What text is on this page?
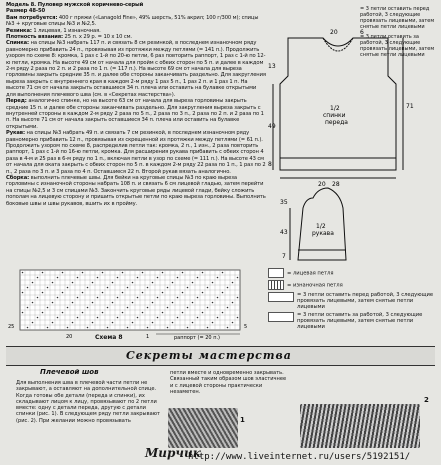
Модель 8. Пуловер мужской коричнево-серый

Размер 48-50

Вам потребуется: 400 г пряжи («Lanagold Fine», 49% шерсть, 51% акрил; 100 г/300 м); спицы №3 + круговые спицы №3 и №2,5.

Резинка: 1 лицевая, 1 изнаночная.

Плотность вязания: 25 п. x 29 р. = 10 x 10 см.

Спинка: на спицы №3 набрать 117 п. и связать 8 см резинкой, в последнем изнаночном ряду равномерно прибавить 24 п., провязывая из протяжки между петлями (= 141 п.). Продолжить узором по схеме 8: кромка, 1 раз с 1-й по 20-ю петли, 6 раз повторить раппорт, 1 раз с 1-й по 12-ю петли, кромка. На высоте 49 см от начала для пройм с обеих сторон по 5 п. и далее в каждом 2-м ряду 2 раза по 2 п. и 2 раза по 1 п. (= 117 п.). На высоте 69 см от начала для выреза горловины закрыть средние 35 п. и далее обе стороны заканчивать раздельно. Для закругления выреза закрыть с внутреннего края в каждом 2-м ряду 1 раз 5 п., 1 раз 2 п. и 1 раз 1 п. На высоте 71 см от начала закрыть оставшиеся 34 п. плеча или оставить на булавке открытыми для выполнения плечевого шва (см. в «Секретах мастерства»).

Перед: аналогично спинке, но на высоте 63 см от начала для выреза горловины закрыть средние 15 п. и далее обе стороны заканчивать раздельно. Для закругления выреза закрыть с внутренней стороны в каждом 2-м ряду 2 раза по 5 п., 2 раза по 3 п., 2 раза по 2 п. и 2 раза по 1 п. На высоте 71 см от начала закрыть оставшиеся 34 п. плеча или оставить на булавке открытыми.

Рукав: на спицы №3 набрать 49 п. и связать 7 см резинкой, в последнем изнаночном ряду равномерно прибавить 12 п., провязывая из скрещенной из протяжки между петлями (= 61 п.). Продолжить узором по схеме 8, распределив петли так: кромка, 2 п., 1 изн., 2 раза повторить раппорт, 1 раз с 1-й по 16-ю петли, кромка. Для расширения рукава прибавить с обеих сторон 4 раза в 4-м и 25 раз в 6-м ряду по 1 п., включая петли в узор по схеме (= 111 п.). На высоте 43 см от начала для оката закрыть с обеих сторон по 5 п. в каждом 2-м ряду 22 раза по 1 п., 1 раз по 2 п., 2 раза по 3 п. и 3 раза по 4 п. Оставшиеся 22 п. Второй рукав вязать аналогично.

Сборка: выполнить плечевые швы. Для бейки на круговые спицы №3 по краю выреза горловины с изнаночной стороны набрать 108 п. и связать 6 см лицевой гладью, затем перейти на спицы №2,5 и 3 см спицами №3. Закончить круговые ряды лицевой глади, бейку сложить пополам на лицевую сторону и пришить открытые петли по краю выреза горловины. Выполнить боковые швы и швы рукавов, вшить их в пройму.

= 3 петли оставить перед работой, 3 следующие провязать лицевыми, затем снятые петли лицевыми
= 3 петли оставить за работой, 3 следующие провязать лицевыми, затем снятые петли лицевыми
71
49
13
8
20	6
28
1/2
спинки
переда
1/2
рукава
43
35
7
20
= лицевая петля
= изнаночная петля
= 3 петли оставить перед работой, 3 следующие провязать лицевыми, затем снятые петли лицевыми
= 3 петли оставить за работой, 3 следующие провязать лицевыми, затем снятые петли лицевыми
раппорт (= 20 п.)
25	5
20	1
Схема 8
Секреты мастерства
Плечевой шов
Для выполнения шва в плечевой части петли не закрывают, а оставляют на дополнительной спице. Когда готовы обе детали (переда и спинки), их складывают лицом к лицу, провязывают по 2 петли вместе: одну с детали переда, другую с детали спинки (рис. 1). В следующем ряду петли закрывают (рис. 2). При желании можно провязывать
петли вместе и одновременно закрывать. Связанный таким образом шов эластичнее и с лицевой стороны практически незаметен.
1
2
Мирчик
http://www.liveinternet.ru/users/5192151/
